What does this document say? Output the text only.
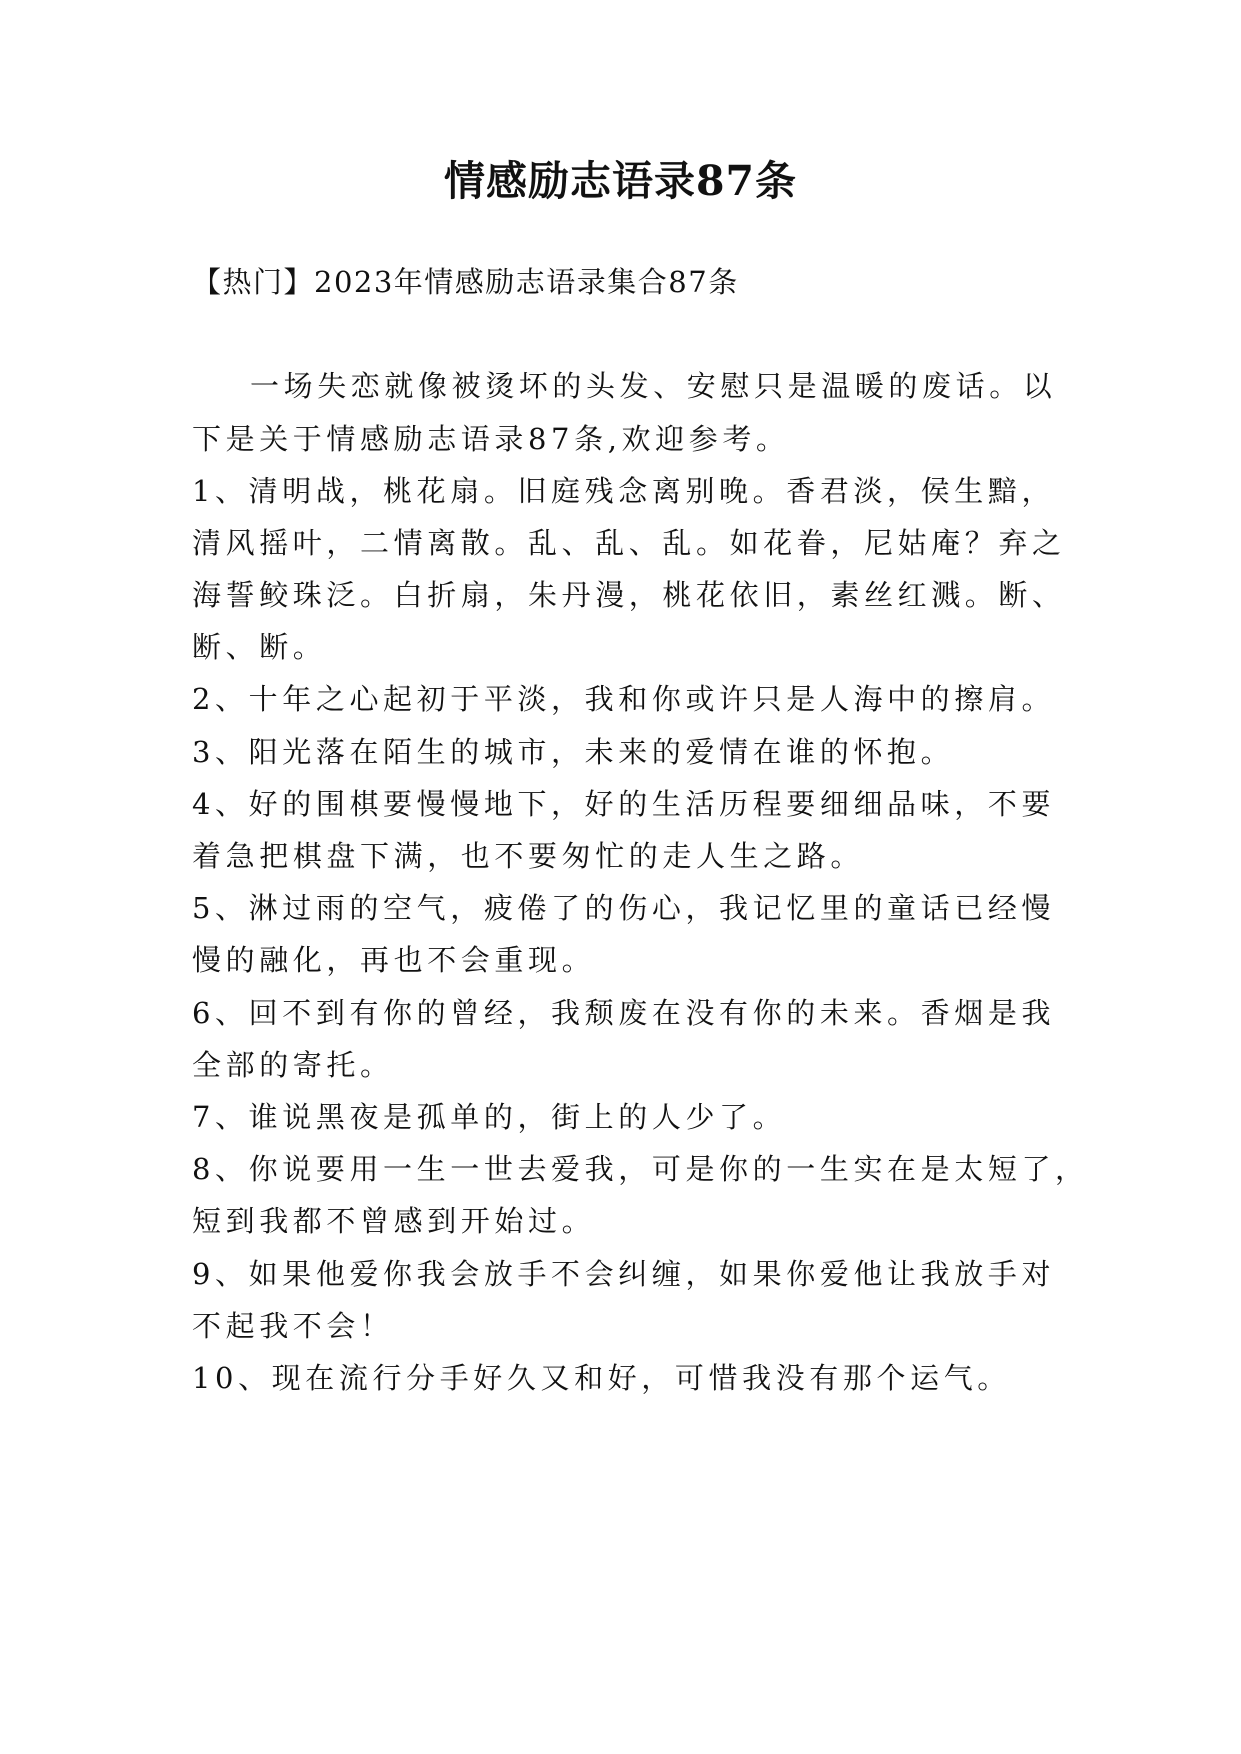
情感励志语录87条

【热门】2023年情感励志语录集合87条

一场失恋就像被烫坏的头发、安慰只是温暖的废话。以

下是关于情感励志语录87条,欢迎参考。

1、清明战，桃花扇。旧庭残念离别晚。香君淡，侯生黯，

清风摇叶，二情离散。乱、乱、乱。如花眷，尼姑庵？弃之

海誓鲛珠泛。白折扇，朱丹漫，桃花依旧，素丝红溅。断、

断、断。

2、十年之心起初于平淡，我和你或许只是人海中的擦肩。

3、阳光落在陌生的城市，未来的爱情在谁的怀抱。

4、好的围棋要慢慢地下，好的生活历程要细细品味，不要

着急把棋盘下满，也不要匆忙的走人生之路。

5、淋过雨的空气，疲倦了的伤心，我记忆里的童话已经慢

慢的融化，再也不会重现。

6、回不到有你的曾经，我颓废在没有你的未来。香烟是我

全部的寄托。

7、谁说黑夜是孤单的，街上的人少了。

8、你说要用一生一世去爱我，可是你的一生实在是太短了，

短到我都不曾感到开始过。

9、如果他爱你我会放手不会纠缠，如果你爱他让我放手对

不起我不会！

10、现在流行分手好久又和好，可惜我没有那个运气。
